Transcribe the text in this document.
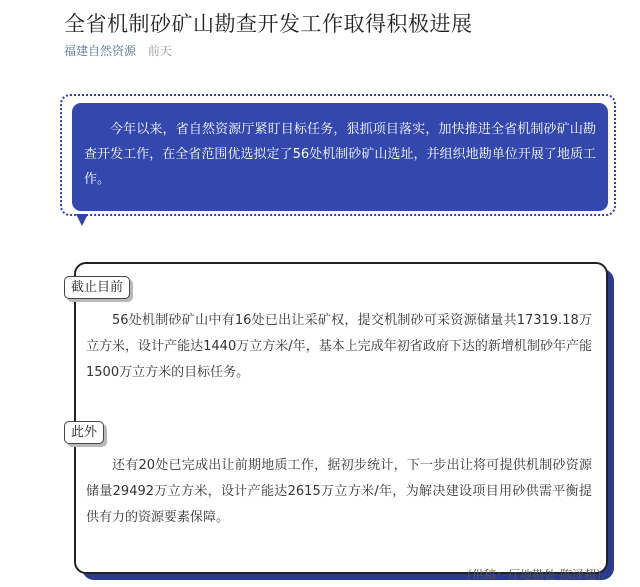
全省机制砂矿山勘查开发工作取得积极进展
福建自然资源 前天

今年以来，省自然资源厅紧盯目标任务，狠抓项目落实，加快推进全省机制砂矿山勘查开发工作，在全省范围优选拟定了56处机制砂矿山选址，并组织地勘单位开展了地质工作。

截止目前

56处机制砂矿山中有16处已出让采矿权，提交机制砂可采资源储量共17319.18万立方米，设计产能达1440万立方米/年，基本上完成年初省政府下达的新增机制砂年产能1500万立方米的目标任务。

此外

还有20处已完成出让前期地质工作，据初步统计，下一步出让将可提供机制砂资源储量29492万立方米，设计产能达2615万立方米/年，为解决建设项目用砂供需平衡提供有力的资源要素保障。

（供稿：厅地勘处 陈泽超）
